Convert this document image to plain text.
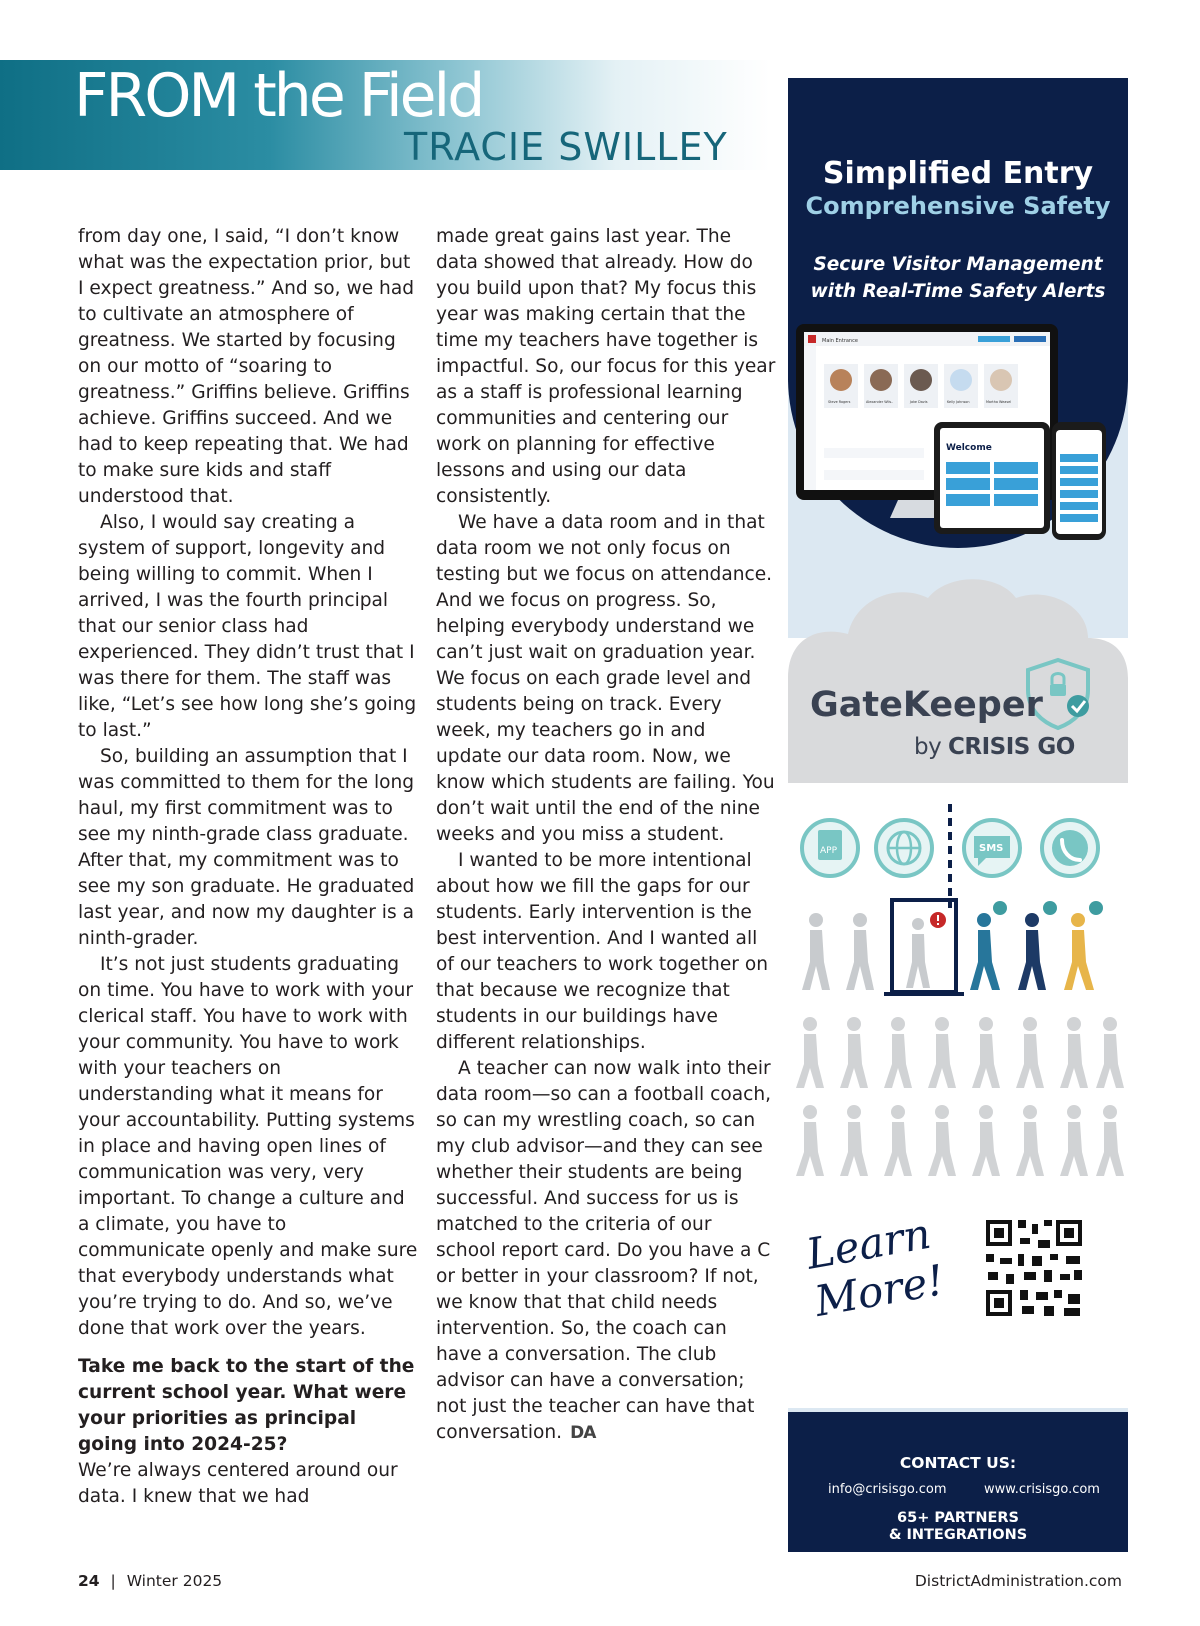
FROM the Field
TRACIE SWILLEY

from day one, I said, “I don’t know what was the expectation prior, but I expect greatness.” And so, we had to cultivate an atmosphere of greatness. We started by focusing on our motto of “soaring to greatness.” Griffins believe. Griffins achieve. Griffins succeed. And we had to keep repeating that. We had to make sure kids and staff understood that.

Also, I would say creating a system of support, longevity and being willing to commit. When I arrived, I was the fourth principal that our senior class had experienced. They didn’t trust that I was there for them. The staff was like, “Let’s see how long she’s going to last.”

So, building an assumption that I was committed to them for the long haul, my first commitment was to see my ninth-grade class graduate. After that, my commitment was to see my son graduate. He graduated last year, and now my daughter is a ninth-grader.

It’s not just students graduating on time. You have to work with your clerical staff. You have to work with your community. You have to work with your teachers on understanding what it means for your accountability. Putting systems in place and having open lines of communication was very, very important. To change a culture and a climate, you have to communicate openly and make sure that everybody understands what you’re trying to do. And so, we’ve done that work over the years.

Take me back to the start of the current school year. What were your priorities as principal going into 2024-25?

We’re always centered around our data. I knew that we had

made great gains last year. The data showed that already. How do you build upon that? My focus this year was making certain that the time my teachers have together is impactful. So, our focus for this year as a staff is professional learning communities and centering our work on planning for effective lessons and using our data consistently.

We have a data room and in that data room we not only focus on testing but we focus on attendance. And we focus on progress. So, helping everybody understand we can’t just wait on graduation year. We focus on each grade level and students being on track. Every week, my teachers go in and update our data room. Now, we know which students are failing. You don’t wait until the end of the nine weeks and you miss a student.

I wanted to be more intentional about how we fill the gaps for our students. Early intervention is the best intervention. And I wanted all of our teachers to work together on that because we recognize that students in our buildings have different relationships.

A teacher can now walk into their data room—so can a football coach, so can my wrestling coach, so can my club advisor—and they can see whether their students are being successful. And success for us is matched to the criteria of our school report card. Do you have a C or better in your classroom? If not, we know that that child needs intervention. So, the coach can have a conversation. The club advisor can have a conversation; not just the teacher can have that conversation. DA

24 | Winter 2025	DistrictAdministration.com
Simplified Entry
Comprehensive Safety
Secure Visitor Management
with Real-Time Safety Alerts
Main Entrance
Steve Rogers	Alexander Wils..	Jake Davis	Kelly Johnson	Martha Weasel
Welcome
APP	SMS
GateKeeper
by CRISIS GO
Learn More!
CONTACT US:
info@crisisgo.com	www.crisisgo.com
65+ PARTNERS
& INTEGRATIONS
